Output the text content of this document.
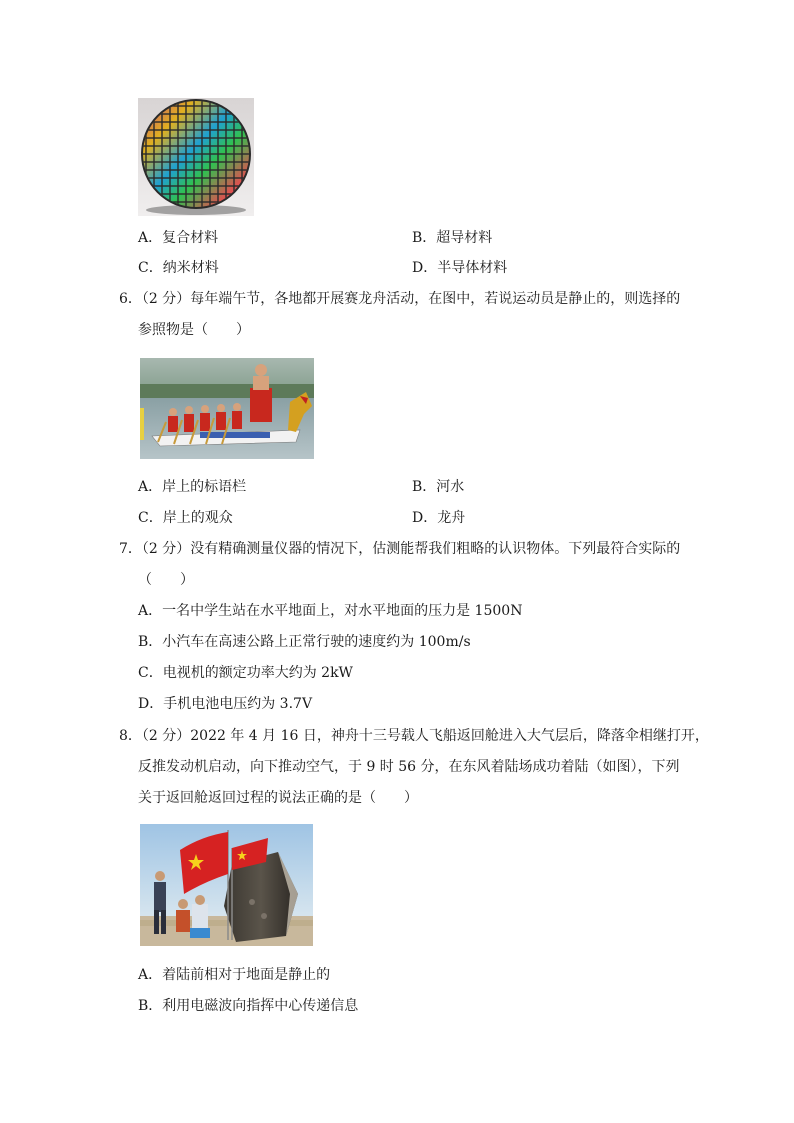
A．复合材料	B．超导材料
C．纳米材料	D．半导体材料
6．（2 分）每年端午节，各地都开展赛龙舟活动，在图中，若说运动员是静止的，则选择的
参照物是（　　）
A．岸上的标语栏	B．河水
C．岸上的观众	D．龙舟
7．（2 分）没有精确测量仪器的情况下，估测能帮我们粗略的认识物体。下列最符合实际的
（　　）
A．一名中学生站在水平地面上，对水平地面的压力是 1500N
B．小汽车在高速公路上正常行驶的速度约为 100m/s
C．电视机的额定功率大约为 2kW
D．手机电池电压约为 3.7V
8．（2 分）2022 年 4 月 16 日，神舟十三号载人飞船返回舱进入大气层后，降落伞相继打开，
反推发动机启动，向下推动空气，于 9 时 56 分，在东风着陆场成功着陆（如图），下列
关于返回舱返回过程的说法正确的是（　　）
A．着陆前相对于地面是静止的
B．利用电磁波向指挥中心传递信息
